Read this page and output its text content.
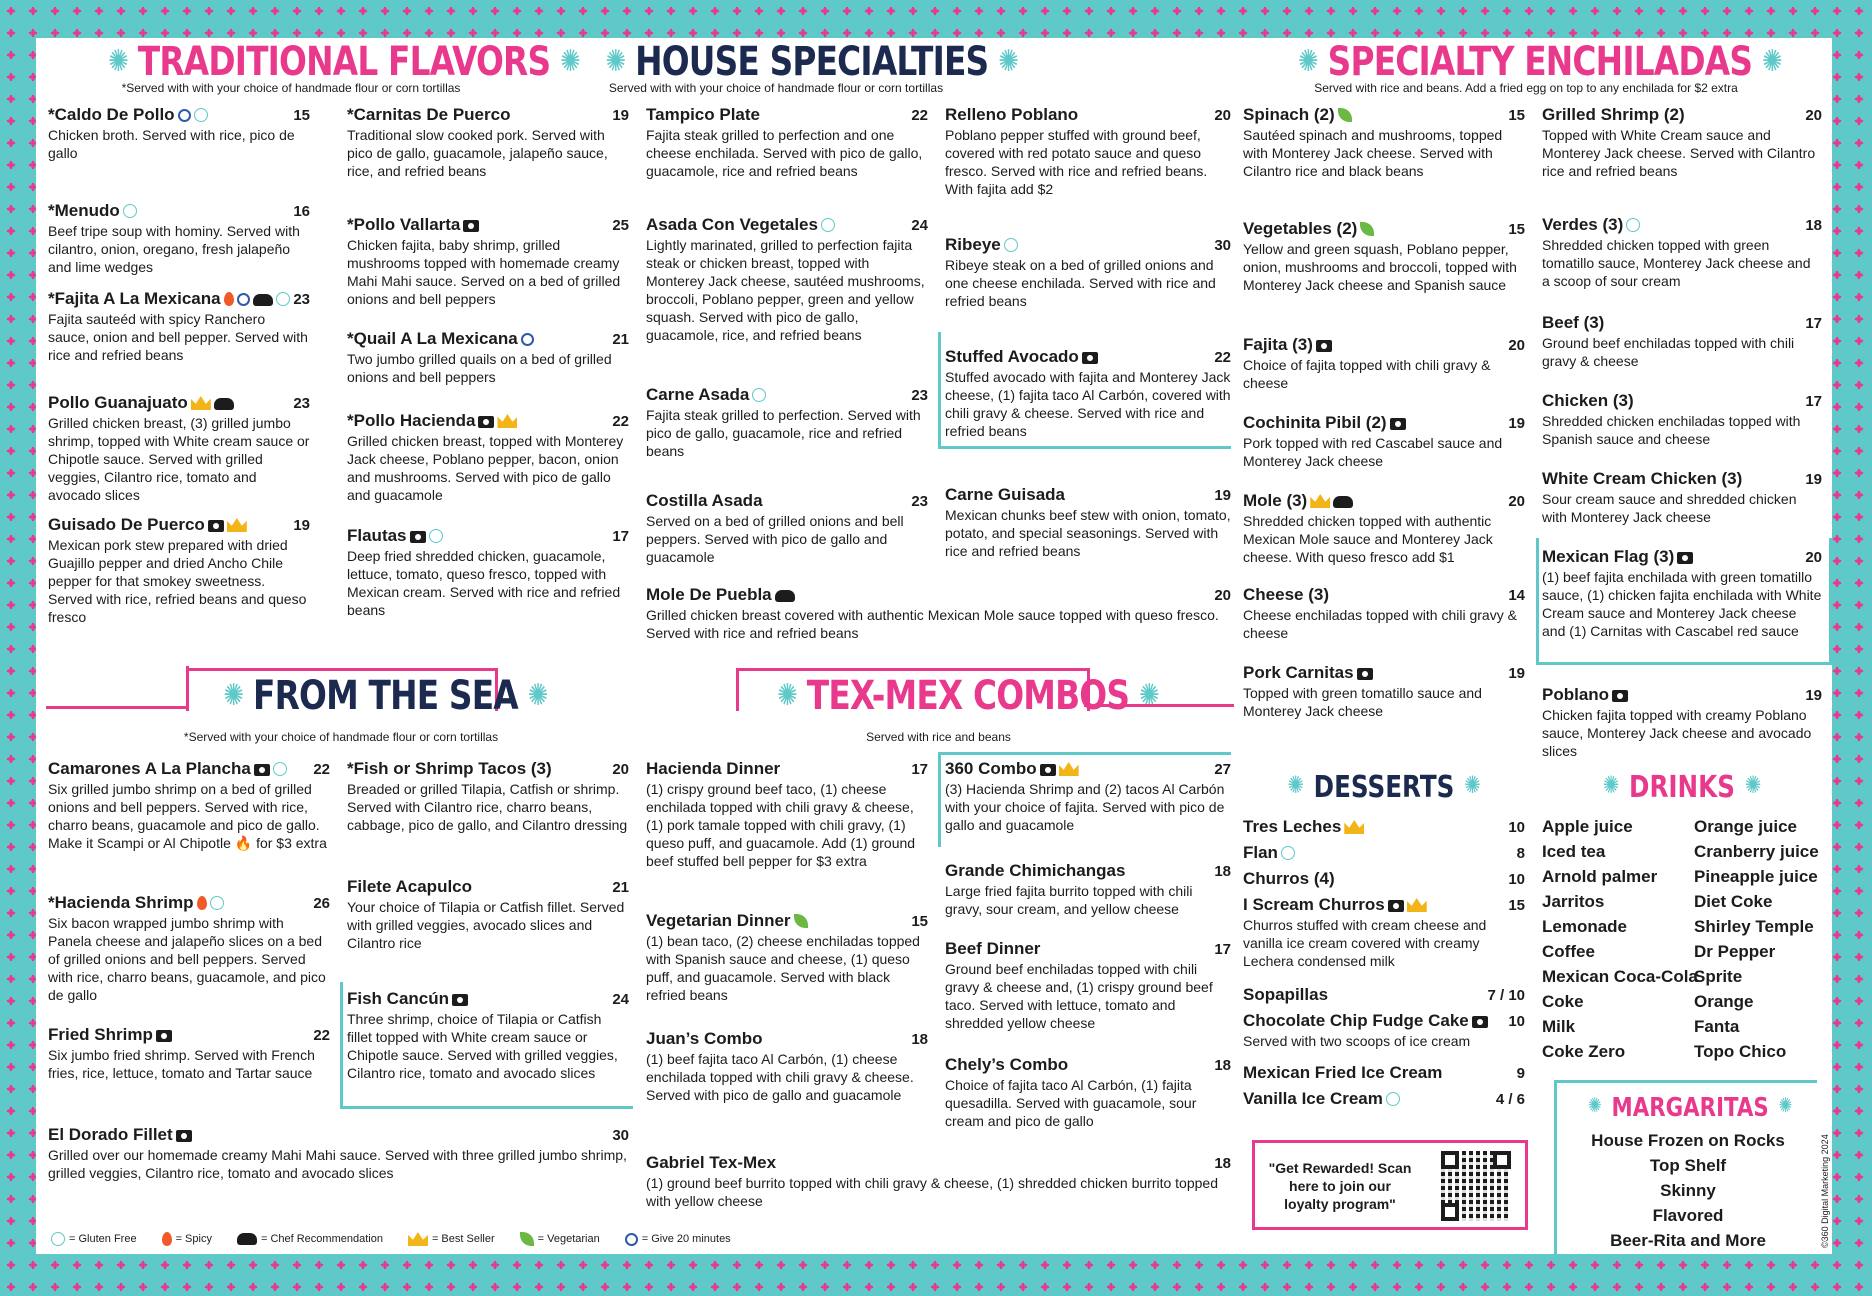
✺ TRADITIONAL FLAVORS ✺
*Served with with your choice of handmade flour or corn tortillas
✺ HOUSE SPECIALTIES ✺
Served with with your choice of handmade flour or corn tortillas
✺ SPECIALTY ENCHILADAS ✺
Served with rice and beans. Add a fried egg on top to any enchilada for $2 extra
✺ FROM THE SEA ✺
*Served with your choice of handmade flour or corn tortillas
✺ TEX-MEX COMBOS ✺
Served with rice and beans
✺ DESSERTS ✺	✺ DRINKS ✺
Apple juice
Iced tea
Arnold palmer
Jarritos
Lemonade
Coffee
Mexican Coca-Cola
Coke
Milk
Coke Zero
Orange juice
Cranberry juice
Pineapple juice
Diet Coke
Shirley Temple
Dr Pepper
Sprite
Orange
Fanta
Topo Chico
✺ MARGARITAS ✺
House Frozen on Rocks
Top Shelf
Skinny
Flavored
Beer-Rita and More
"Get Rewarded! Scan here to join our loyalty program"
= Gluten Free	= Spicy	= Chef Recommendation	= Best Seller	= Vegetarian	= Give 20 minutes	©360 Digital Marketing 2024
*Caldo De Pollo	15
Chicken broth. Served with rice, pico de gallo
*Menudo	16
Beef tripe soup with hominy. Served with cilantro, onion, oregano, fresh jalapeño and lime wedges
*Fajita A La Mexicana	23
Fajita sauteéd with spicy Ranchero sauce, onion and bell pepper. Served with rice and refried beans
Pollo Guanajuato	23
Grilled chicken breast, (3) grilled jumbo shrimp, topped with White cream sauce or Chipotle sauce. Served with grilled veggies, Cilantro rice, tomato and avocado slices
Guisado De Puerco	19
Mexican pork stew prepared with dried Guajillo pepper and dried Ancho Chile pepper for that smokey sweetness. Served with rice, refried beans and queso fresco
*Carnitas De Puerco	19
Traditional slow cooked pork. Served with pico de gallo, guacamole, jalapeño sauce, rice, and refried beans
*Pollo Vallarta	25
Chicken fajita, baby shrimp, grilled mushrooms topped with homemade creamy Mahi Mahi sauce. Served on a bed of grilled onions and bell peppers
*Quail A La Mexicana	21
Two jumbo grilled quails on a bed of grilled onions and bell peppers
*Pollo Hacienda	22
Grilled chicken breast, topped with Monterey Jack cheese, Poblano pepper, bacon, onion and mushrooms. Served with pico de gallo and guacamole
Flautas	17
Deep fried shredded chicken, guacamole, lettuce, tomato, queso fresco, topped with Mexican cream. Served with rice and refried beans
Tampico Plate	22
Fajita steak grilled to perfection and one cheese enchilada. Served with pico de gallo, guacamole, rice and refried beans
Asada Con Vegetales	24
Lightly marinated, grilled to perfection fajita steak or chicken breast, topped with Monterey Jack cheese, sautéed mushrooms, broccoli, Poblano pepper, green and yellow squash. Served with pico de gallo, guacamole, rice, and refried beans
Carne Asada	23
Fajita steak grilled to perfection. Served with pico de gallo, guacamole, rice and refried beans
Costilla Asada	23
Served on a bed of grilled onions and bell peppers. Served with pico de gallo and guacamole
Relleno Poblano	20
Poblano pepper stuffed with ground beef, covered with red potato sauce and queso fresco. Served with rice and refried beans. With fajita add $2
Ribeye	30
Ribeye steak on a bed of grilled onions and one cheese enchilada. Served with rice and refried beans
Stuffed Avocado	22
Stuffed avocado with fajita and Monterey Jack cheese, (1) fajita taco Al Carbón, covered with chili gravy & cheese. Served with rice and refried beans
Carne Guisada	19
Mexican chunks beef stew with onion, tomato, potato, and special seasonings. Served with rice and refried beans
Spinach (2)	15
Sautéed spinach and mushrooms, topped with Monterey Jack cheese. Served with Cilantro rice and black beans
Vegetables (2)	15
Yellow and green squash, Poblano pepper, onion, mushrooms and broccoli, topped with Monterey Jack cheese and Spanish sauce
Fajita (3)	20
Choice of fajita topped with chili gravy & cheese
Cochinita Pibil (2)	19
Pork topped with red Cascabel sauce and Monterey Jack cheese
Mole (3)	20
Shredded chicken topped with authentic Mexican Mole sauce and Monterey Jack cheese. With queso fresco add $1
Cheese (3)	14
Cheese enchiladas topped with chili gravy & cheese
Pork Carnitas	19
Topped with green tomatillo sauce and Monterey Jack cheese
Grilled Shrimp (2)	20
Topped with White Cream sauce and Monterey Jack cheese. Served with Cilantro rice and refried beans
Verdes (3)	18
Shredded chicken topped with green tomatillo sauce, Monterey Jack cheese and a scoop of sour cream
Beef (3)	17
Ground beef enchiladas topped with chili gravy & cheese
Chicken (3)	17
Shredded chicken enchiladas topped with Spanish sauce and cheese
White Cream Chicken (3)	19
Sour cream sauce and shredded chicken with Monterey Jack cheese
Mexican Flag (3)	20
(1) beef fajita enchilada with green tomatillo sauce, (1) chicken fajita enchilada with White Cream sauce and Monterey Jack cheese and (1) Carnitas with Cascabel red sauce
Poblano	19
Chicken fajita topped with creamy Poblano sauce, Monterey Jack cheese and avocado slices
Camarones A La Plancha	22
Six grilled jumbo shrimp on a bed of grilled onions and bell peppers. Served with rice, charro beans, guacamole and pico de gallo. Make it Scampi or Al Chipotle 🔥 for $3 extra
*Hacienda Shrimp	26
Six bacon wrapped jumbo shrimp with Panela cheese and jalapeño slices on a bed of grilled onions and bell peppers. Served with rice, charro beans, guacamole, and pico de gallo
Fried Shrimp	22
Six jumbo fried shrimp. Served with French fries, rice, lettuce, tomato and Tartar sauce
*Fish or Shrimp Tacos (3)	20
Breaded or grilled Tilapia, Catfish or shrimp. Served with Cilantro rice, charro beans, cabbage, pico de gallo, and Cilantro dressing
Filete Acapulco	21
Your choice of Tilapia or Catfish fillet. Served with grilled veggies, avocado slices and Cilantro rice
Fish Cancún	24
Three shrimp, choice of Tilapia or Catfish fillet topped with White cream sauce or Chipotle sauce. Served with grilled veggies, Cilantro rice, tomato and avocado slices
Hacienda Dinner	17
(1) crispy ground beef taco, (1) cheese enchilada topped with chili gravy & cheese, (1) pork tamale topped with chili gravy, (1) queso puff, and guacamole. Add (1) ground beef stuffed bell pepper for $3 extra
Vegetarian Dinner	15
(1) bean taco, (2) cheese enchiladas topped with Spanish sauce and cheese, (1) queso puff, and guacamole. Served with black refried beans
Juan’s Combo	18
(1) beef fajita taco Al Carbón, (1) cheese enchilada topped with chili gravy & cheese. Served with pico de gallo and guacamole
360 Combo	27
(3) Hacienda Shrimp and (2) tacos Al Carbón with your choice of fajita. Served with pico de gallo and guacamole
Grande Chimichangas	18
Large fried fajita burrito topped with chili gravy, sour cream, and yellow cheese
Beef Dinner	17
Ground beef enchiladas topped with chili gravy & cheese and, (1) crispy ground beef taco. Served with lettuce, tomato and shredded yellow cheese
Chely’s Combo	18
Choice of fajita taco Al Carbón, (1) fajita quesadilla. Served with guacamole, sour cream and pico de gallo
Tres Leches	10
Flan	8
Churros (4)	10
I Scream Churros	15
Churros stuffed with cream cheese and vanilla ice cream covered with creamy Lechera condensed milk
Sopapillas	7 / 10
Chocolate Chip Fudge Cake	10
Served with two scoops of ice cream
Mexican Fried Ice Cream	9
Vanilla Ice Cream	4 / 6
Mole De Puebla	20
Grilled chicken breast covered with authentic Mexican Mole sauce topped with queso fresco. Served with rice and refried beans
El Dorado Fillet	30
Grilled over our homemade creamy Mahi Mahi sauce. Served with three grilled jumbo shrimp, grilled veggies, Cilantro rice, tomato and avocado slices
Gabriel Tex-Mex	18
(1) ground beef burrito topped with chili gravy & cheese, (1) shredded chicken burrito topped with yellow cheese
